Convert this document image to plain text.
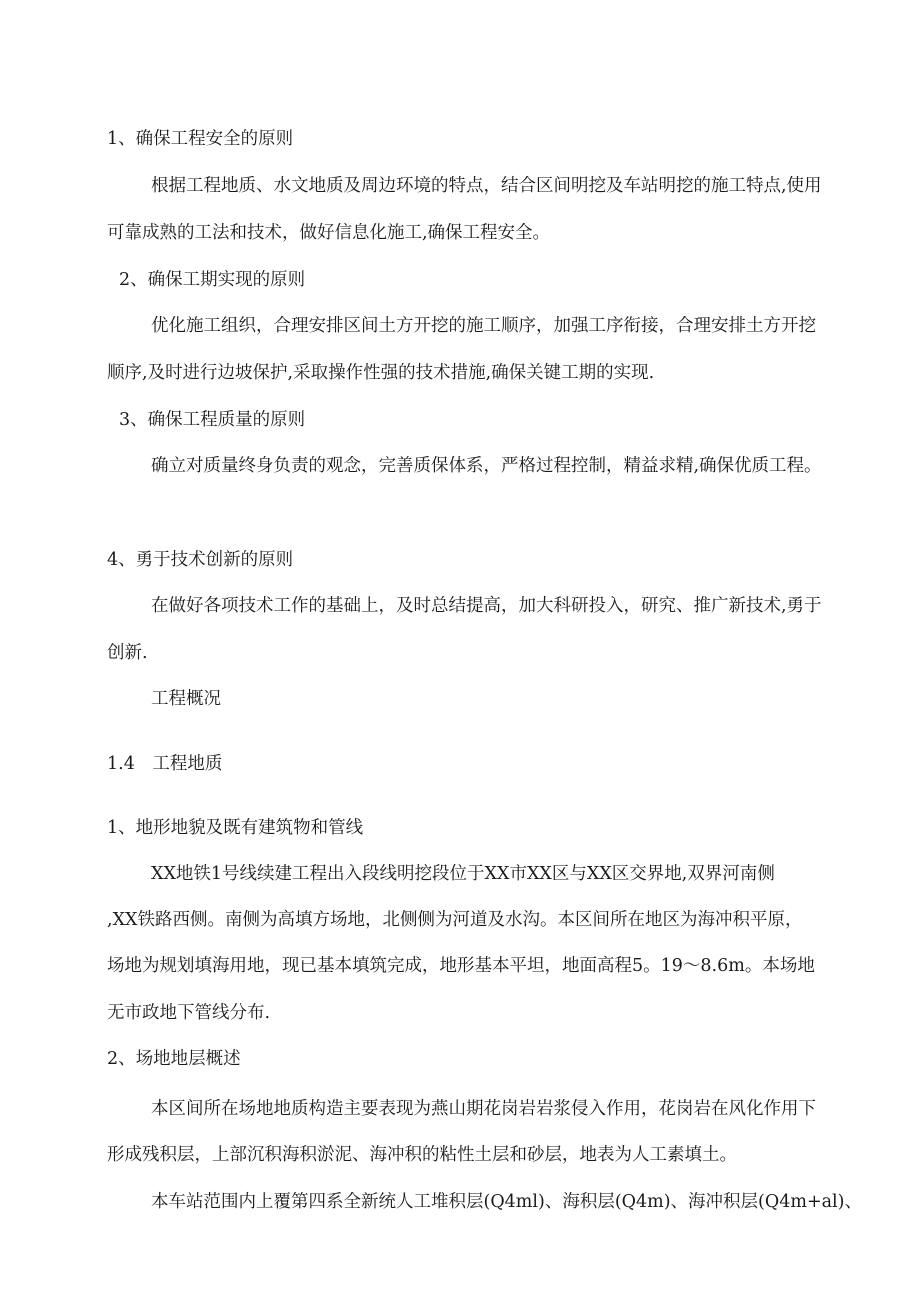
1、确保工程安全的原则
根据工程地质、水文地质及周边环境的特点，结合区间明挖及车站明挖的施工特点,使用
可靠成熟的工法和技术，做好信息化施工,确保工程安全。
2、确保工期实现的原则
优化施工组织，合理安排区间土方开挖的施工顺序，加强工序衔接，合理安排土方开挖
顺序,及时进行边坡保护,采取操作性强的技术措施,确保关键工期的实现.
3、确保工程质量的原则
确立对质量终身负责的观念，完善质保体系，严格过程控制，精益求精,确保优质工程。
4、勇于技术创新的原则
在做好各项技术工作的基础上，及时总结提高，加大科研投入，研究、推广新技术,勇于
创新.
工程概况
1.4　工程地质
1、地形地貌及既有建筑物和管线
XX地铁1号线续建工程出入段线明挖段位于XX市XX区与XX区交界地,双界河南侧
,XX铁路西侧。南侧为高填方场地，北侧侧为河道及水沟。本区间所在地区为海冲积平原，
场地为规划填海用地，现已基本填筑完成，地形基本平坦，地面高程5。19～8.6m。本场地
无市政地下管线分布.
2、场地地层概述
本区间所在场地地质构造主要表现为燕山期花岗岩岩浆侵入作用，花岗岩在风化作用下
形成残积层，上部沉积海积淤泥、海冲积的粘性土层和砂层，地表为人工素填土。
本车站范围内上覆第四系全新统人工堆积层(Q4ml)、海积层(Q4m)、海冲积层(Q4m+al)、
